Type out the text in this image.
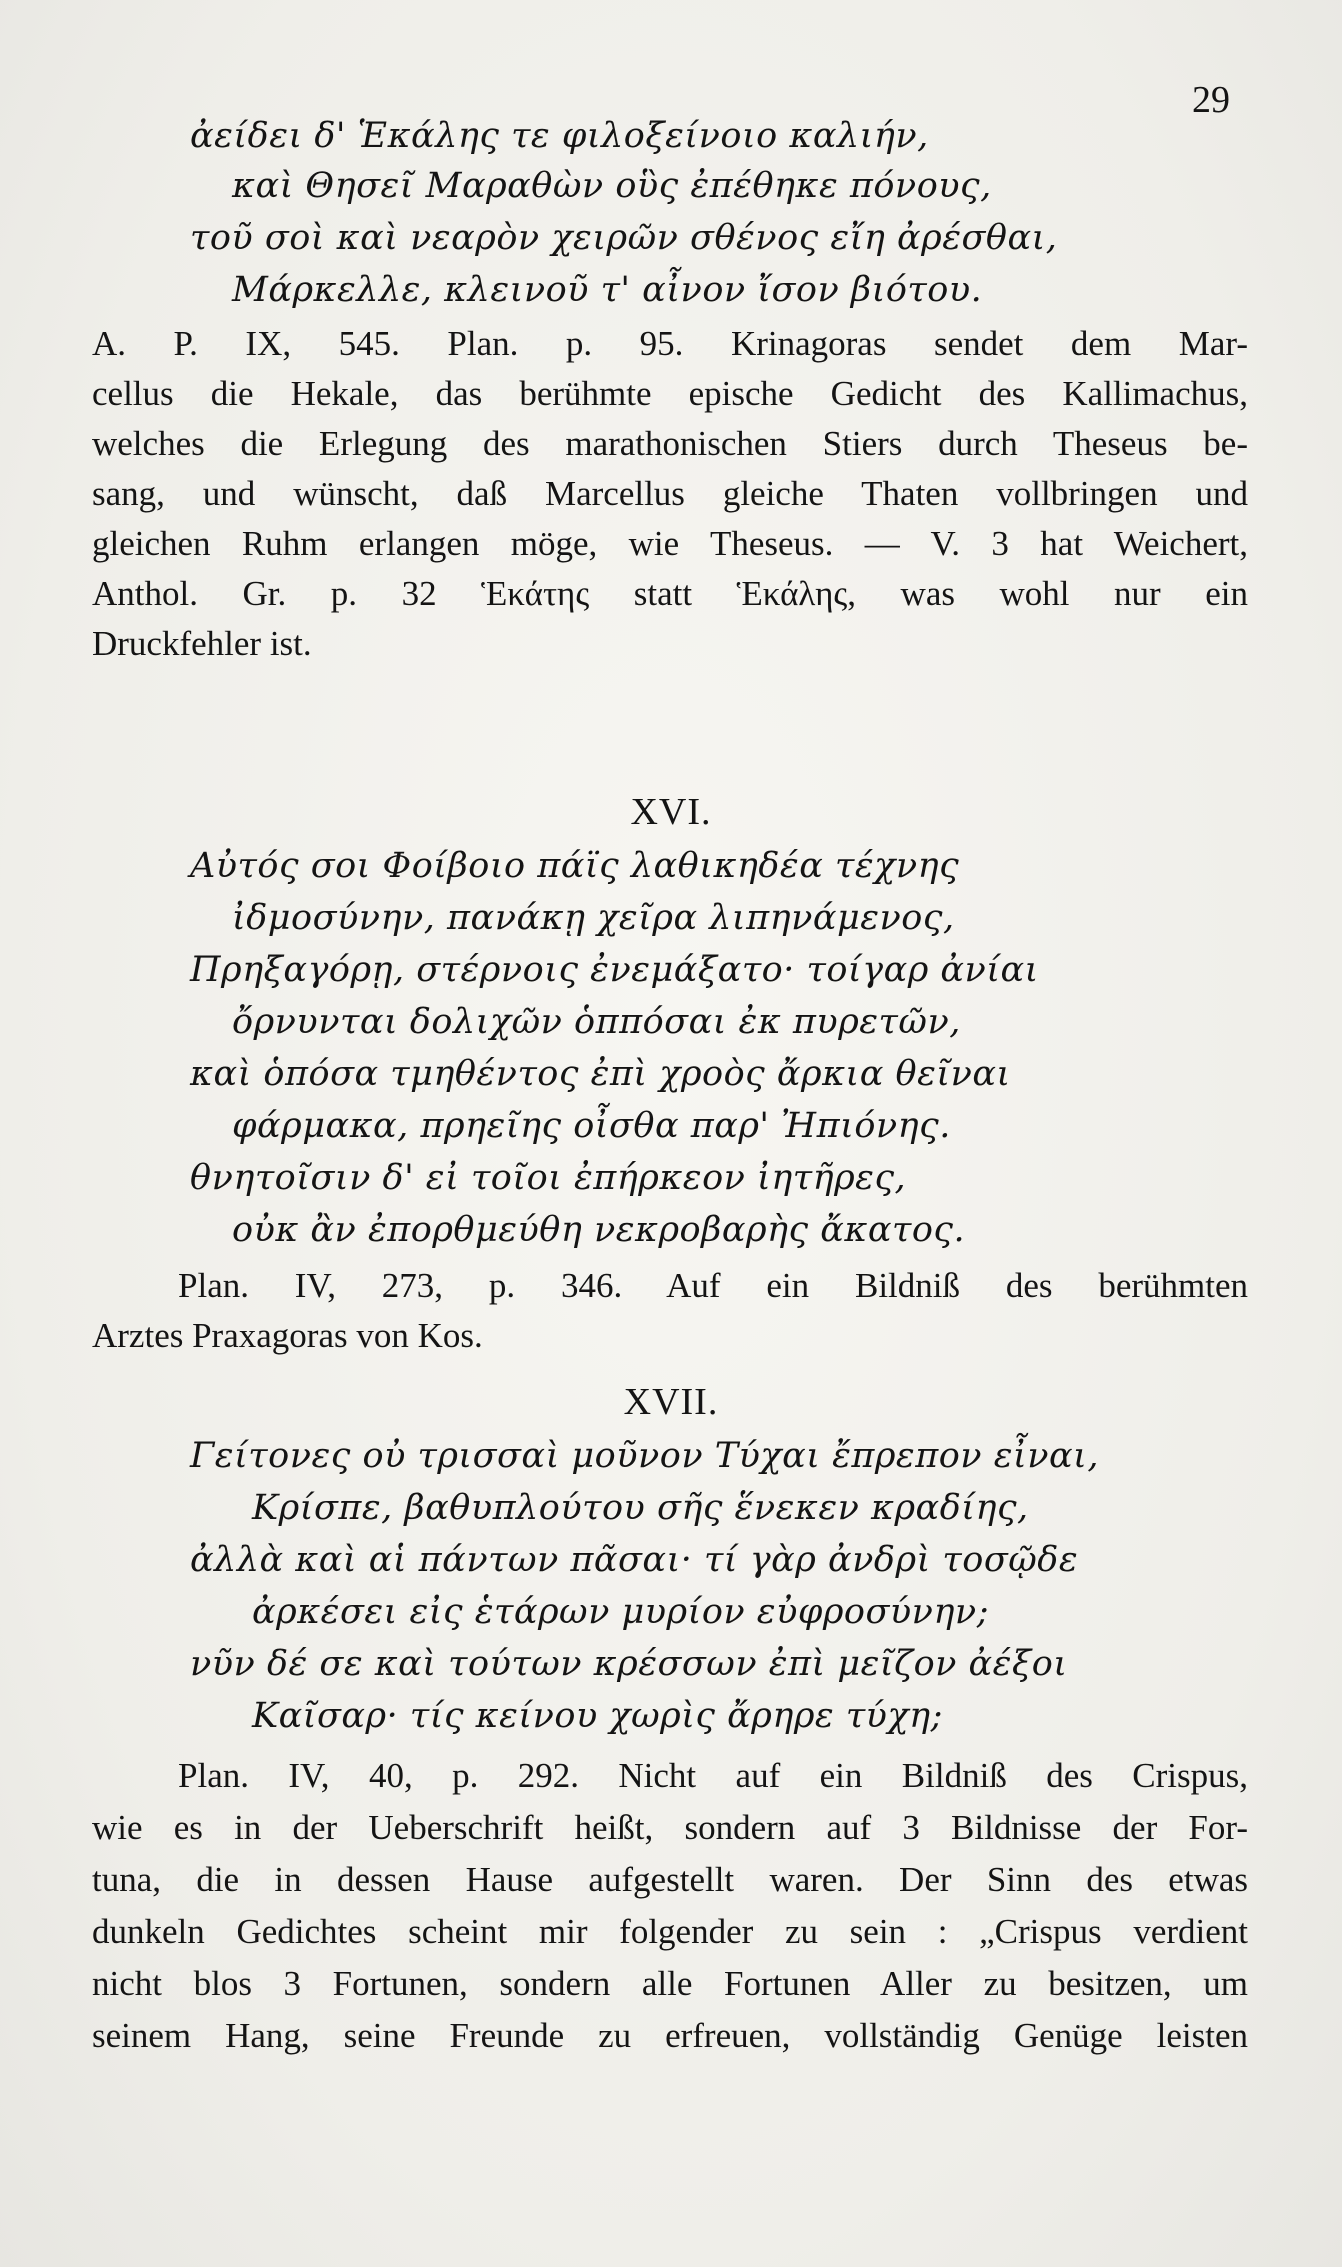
29
ἀείδει δ' Ἑκάλης τε φιλοξείνοιο καλιήν,
καὶ Θησεῖ Μαραθὼν οὓς ἐπέθηκε πόνους,
τοῦ σοὶ καὶ νεαρὸν χειρῶν σθένος εἴη ἀρέσθαι,
Μάρκελλε, κλεινοῦ τ' αἶνον ἴσον βιότου.
A. P. IX, 545. Plan. p. 95. Krinagoras sendet dem Mar-
cellus die Hekale, das berühmte epische Gedicht des Kallimachus,
welches die Erlegung des marathonischen Stiers durch Theseus be-
sang, und wünscht, daß Marcellus gleiche Thaten vollbringen und
gleichen Ruhm erlangen möge, wie Theseus. — V. 3 hat Weichert,
Anthol. Gr. p. 32 Ἑκάτης statt Ἑκάλης, was wohl nur ein
Druckfehler ist.
XVI.
Αὐτός σοι Φοίβοιο πάϊς λαθικηδέα τέχνης
ἰδμοσύνην, πανάκῃ χεῖρα λιπηνάμενος,
Πρηξαγόρῃ, στέρνοις ἐνεμάξατο· τοίγαρ ἀνίαι
ὄρνυνται δολιχῶν ὁππόσαι ἐκ πυρετῶν,
καὶ ὁπόσα τμηθέντος ἐπὶ χροὸς ἄρκια θεῖναι
φάρμακα, πρηεῖης οἶσθα παρ' Ἠπιόνης.
θνητοῖσιν δ' εἰ τοῖοι ἐπήρκεον ἰητῆρες,
οὐκ ἂν ἐπορθμεύθη νεκροβαρὴς ἄκατος.
Plan. IV, 273, p. 346. Auf ein Bildniß des berühmten
Arztes Praxagoras von Kos.
XVII.
Γείτονες οὐ τρισσαὶ μοῦνον Τύχαι ἔπρεπον εἶναι,
Κρίσπε, βαθυπλούτου σῆς ἕνεκεν κραδίης,
ἀλλὰ καὶ αἱ πάντων πᾶσαι· τί γὰρ ἀνδρὶ τοσῷδε
ἀρκέσει εἰς ἑτάρων μυρίον εὐφροσύνην;
νῦν δέ σε καὶ τούτων κρέσσων ἐπὶ μεῖζον ἀέξοι
Καῖσαρ· τίς κείνου χωρὶς ἄρηρε τύχη;
Plan. IV, 40, p. 292. Nicht auf ein Bildniß des Crispus,
wie es in der Ueberschrift heißt, sondern auf 3 Bildnisse der For-
tuna, die in dessen Hause aufgestellt waren. Der Sinn des etwas
dunkeln Gedichtes scheint mir folgender zu sein : „Crispus verdient
nicht blos 3 Fortunen, sondern alle Fortunen Aller zu besitzen, um
seinem Hang, seine Freunde zu erfreuen, vollständig Genüge leisten
